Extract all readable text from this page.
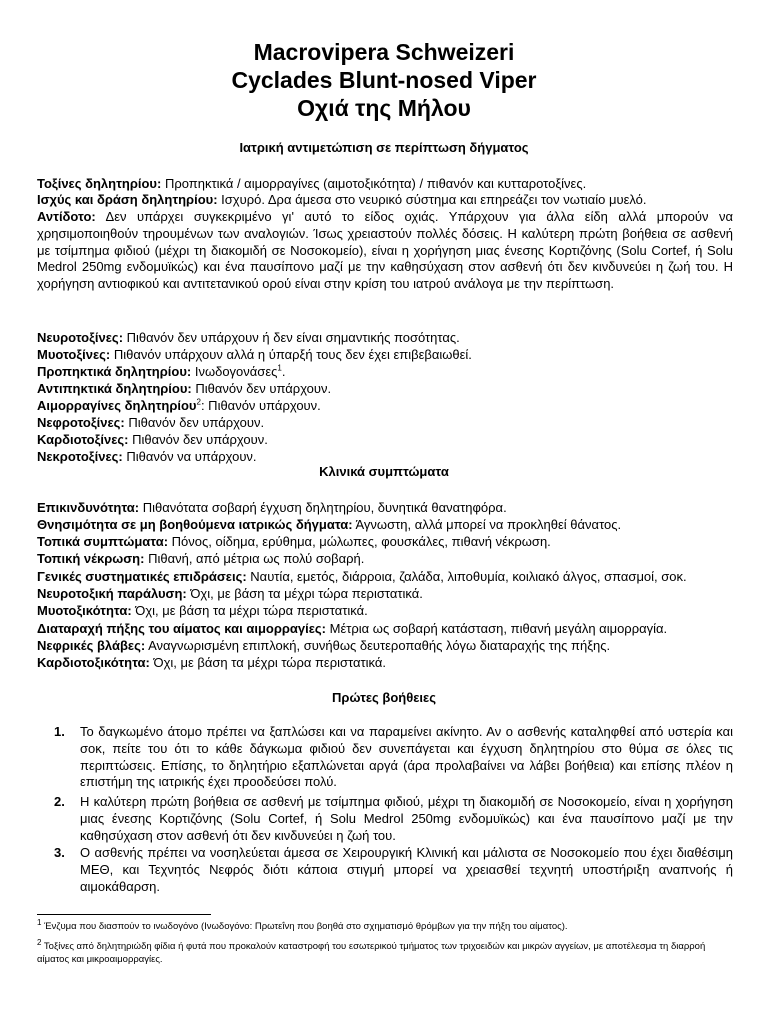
Macrovipera Schweizeri
Cyclades Blunt-nosed Viper
Οχιά της Μήλου
Ιατρική αντιμετώπιση σε περίπτωση δήγματος
Τοξίνες δηλητηρίου: Προπηκτικά / αιμορραγίνες (αιμοτοξικότητα) / πιθανόν και κυτταροτοξίνες.
Ισχύς και δράση δηλητηρίου: Ισχυρό. Δρα άμεσα στο νευρικό σύστημα και επηρεάζει τον νωτιαίο μυελό.
Αντίδοτο: Δεν υπάρχει συγκεκριμένο γι' αυτό το είδος οχιάς. Υπάρχουν για άλλα είδη αλλά μπορούν να χρησιμοποιηθούν τηρουμένων των αναλογιών. Ίσως χρειαστούν πολλές δόσεις. Η καλύτερη πρώτη βοήθεια σε ασθενή με τσίμπημα φιδιού (μέχρι τη διακομιδή σε Νοσοκομείο), είναι η χορήγηση μιας ένεσης Κορτιζόνης (Solu Cortef, ή Solu Medrol 250mg ενδομυϊκώς) και ένα παυσίπονο μαζί με την καθησύχαση στον ασθενή ότι δεν κινδυνεύει η ζωή του. Η χορήγηση αντιοφικού και αντιτετανικού ορού είναι στην κρίση του ιατρού ανάλογα με την περίπτωση.
Νευροτοξίνες: Πιθανόν δεν υπάρχουν ή δεν είναι σημαντικής ποσότητας.
Μυοτοξίνες: Πιθανόν υπάρχουν αλλά η ύπαρξή τους δεν έχει επιβεβαιωθεί.
Προπηκτικά δηλητηρίου: Ινωδογονάσες$^1$.
Αντιπηκτικά δηλητηρίου: Πιθανόν δεν υπάρχουν.
Αιμορραγίνες δηλητηρίου$^2$: Πιθανόν υπάρχουν.
Νεφροτοξίνες: Πιθανόν δεν υπάρχουν.
Καρδιοτοξίνες: Πιθανόν δεν υπάρχουν.
Νεκροτοξίνες: Πιθανόν να υπάρχουν.
Κλινικά συμπτώματα
Επικινδυνότητα: Πιθανότατα σοβαρή έγχυση δηλητηρίου, δυνητικά θανατηφόρα.
Θνησιμότητα σε μη βοηθούμενα ιατρικώς δήγματα: Άγνωστη, αλλά μπορεί να προκληθεί θάνατος.
Τοπικά συμπτώματα: Πόνος, οίδημα, ερύθημα, μώλωπες, φουσκάλες, πιθανή νέκρωση.
Τοπική νέκρωση: Πιθανή, από μέτρια ως πολύ σοβαρή.
Γενικές συστηματικές επιδράσεις: Ναυτία, εμετός, διάρροια, ζαλάδα, λιποθυμία, κοιλιακό άλγος, σπασμοί, σοκ.
Νευροτοξική παράλυση: Όχι, με βάση τα μέχρι τώρα περιστατικά.
Μυοτοξικότητα: Όχι, με βάση τα μέχρι τώρα περιστατικά.
Διαταραχή πήξης του αίματος και αιμορραγίες: Μέτρια ως σοβαρή κατάσταση, πιθανή μεγάλη αιμορραγία.
Νεφρικές βλάβες: Αναγνωρισμένη επιπλοκή, συνήθως δευτεροπαθής λόγω διαταραχής της πήξης.
Καρδιοτοξικότητα: Όχι, με βάση τα μέχρι τώρα περιστατικά.
Πρώτες βοήθειες
1. Το δαγκωμένο άτομο πρέπει να ξαπλώσει και να παραμείνει ακίνητο. Αν ο ασθενής καταληφθεί από υστερία και σοκ, πείτε του ότι το κάθε δάγκωμα φιδιού δεν συνεπάγεται και έγχυση δηλητηρίου στο θύμα σε όλες τις περιπτώσεις. Επίσης, το δηλητήριο εξαπλώνεται αργά (άρα προλαβαίνει να λάβει βοήθεια) και επίσης πλέον η επιστήμη της ιατρικής έχει προοδεύσει πολύ.
2. Η καλύτερη πρώτη βοήθεια σε ασθενή με τσίμπημα φιδιού, μέχρι τη διακομιδή σε Νοσοκομείο, είναι η χορήγηση μιας ένεσης Κορτιζόνης (Solu Cortef, ή Solu Medrol 250mg ενδομυϊκώς) και ένα παυσίπονο μαζί με την καθησύχαση στον ασθενή ότι δεν κινδυνεύει η ζωή του.
3. Ο ασθενής πρέπει να νοσηλεύεται άμεσα σε Χειρουργική Κλινική και μάλιστα σε Νοσοκομείο που έχει διαθέσιμη ΜΕΘ, και Τεχνητός Νεφρός διότι κάποια στιγμή μπορεί να χρειασθεί τεχνητή υποστήριξη αναπνοής ή αιμοκάθαρση.
$^1$ Ένζυμα που διασπούν το ινωδογόνο (Ινωδογόνο: Πρωτεΐνη που βοηθά στο σχηματισμό θρόμβων για την πήξη του αίματος).
$^2$ Τοξίνες από δηλητηριώδη φίδια ή φυτά που προκαλούν καταστροφή του εσωτερικού τμήματος των τριχοειδών και μικρών αγγείων, με αποτέλεσμα τη διαρροή αίματος και μικροαιμορραγίες.
